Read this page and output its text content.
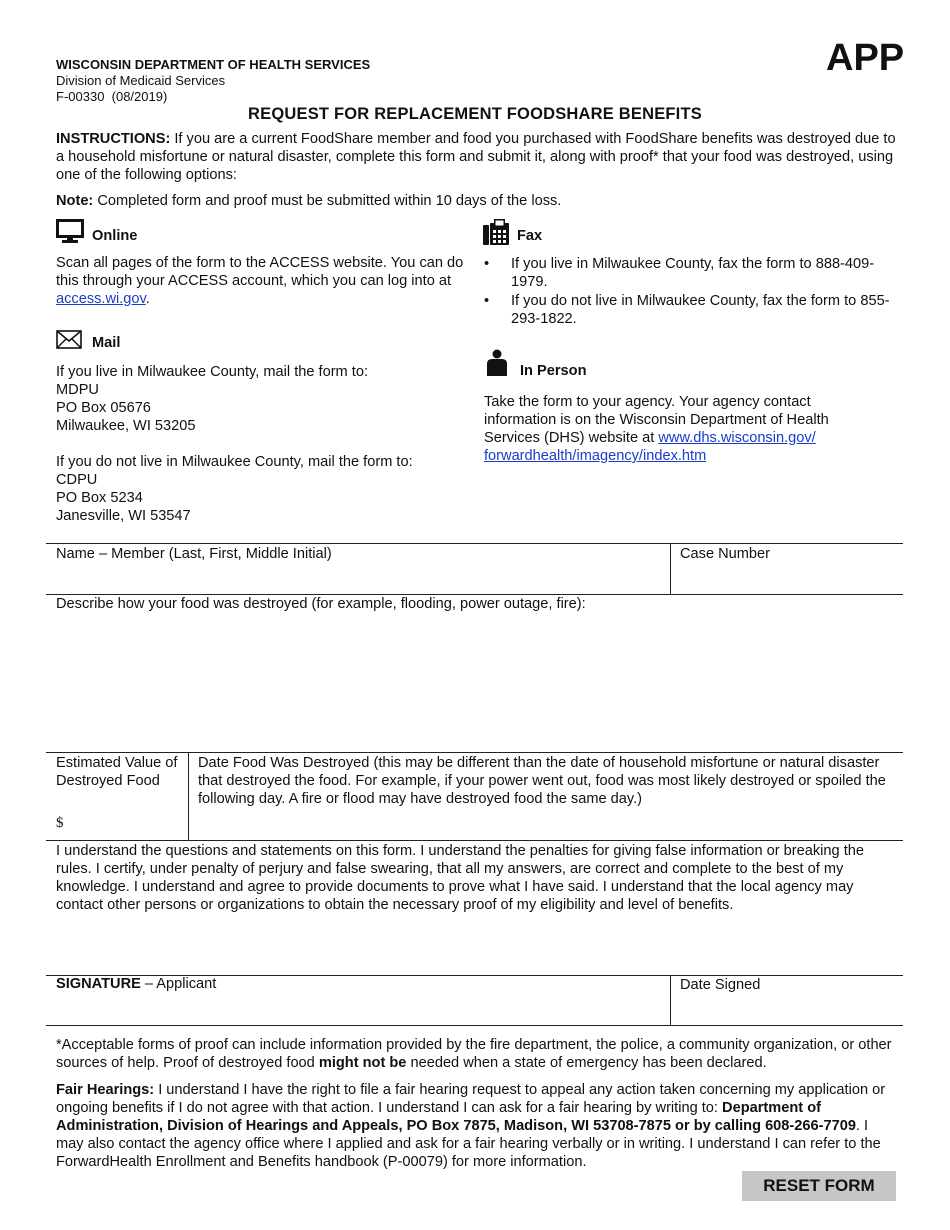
WISCONSIN DEPARTMENT OF HEALTH SERVICES
Division of Medicaid Services
F-00330  (08/2019)
APP
REQUEST FOR REPLACEMENT FOODSHARE BENEFITS
INSTRUCTIONS: If you are a current FoodShare member and food you purchased with FoodShare benefits was destroyed due to a household misfortune or natural disaster, complete this form and submit it, along with proof* that your food was destroyed, using one of the following options:
Note: Completed form and proof must be submitted within 10 days of the loss.
Online
Scan all pages of the form to the ACCESS website. You can do this through your ACCESS account, which you can log into at access.wi.gov.
Mail
If you live in Milwaukee County, mail the form to:
MDPU
PO Box 05676
Milwaukee, WI 53205
If you do not live in Milwaukee County, mail the form to:
CDPU
PO Box 5234
Janesville, WI 53547
Fax
• If you live in Milwaukee County, fax the form to 888-409-1979.
• If you do not live in Milwaukee County, fax the form to 855-293-1822.
In Person
Take the form to your agency. Your agency contact information is on the Wisconsin Department of Health Services (DHS) website at www.dhs.wisconsin.gov/ forwardhealth/imagency/index.htm
Name – Member (Last, First, Middle Initial)	Case Number
Describe how your food was destroyed (for example, flooding, power outage, fire):
Estimated Value of Destroyed Food
$
Date Food Was Destroyed (this may be different than the date of household misfortune or natural disaster that destroyed the food. For example, if your power went out, food was most likely destroyed or spoiled the following day. A fire or flood may have destroyed food the same day.)
I understand the questions and statements on this form. I understand the penalties for giving false information or breaking the rules. I certify, under penalty of perjury and false swearing, that all my answers, are correct and complete to the best of my knowledge. I understand and agree to provide documents to prove what I have said. I understand that the local agency may contact other persons or organizations to obtain the necessary proof of my eligibility and level of benefits.
SIGNATURE – Applicant	Date Signed
*Acceptable forms of proof can include information provided by the fire department, the police, a community organization, or other sources of help. Proof of destroyed food might not be needed when a state of emergency has been declared.
Fair Hearings: I understand I have the right to file a fair hearing request to appeal any action taken concerning my application or ongoing benefits if I do not agree with that action. I understand I can ask for a fair hearing by writing to: Department of Administration, Division of Hearings and Appeals, PO Box 7875, Madison, WI 53708-7875 or by calling 608-266-7709. I may also contact the agency office where I applied and ask for a fair hearing verbally or in writing. I understand I can refer to the ForwardHealth Enrollment and Benefits handbook (P-00079) for more information.
RESET FORM
